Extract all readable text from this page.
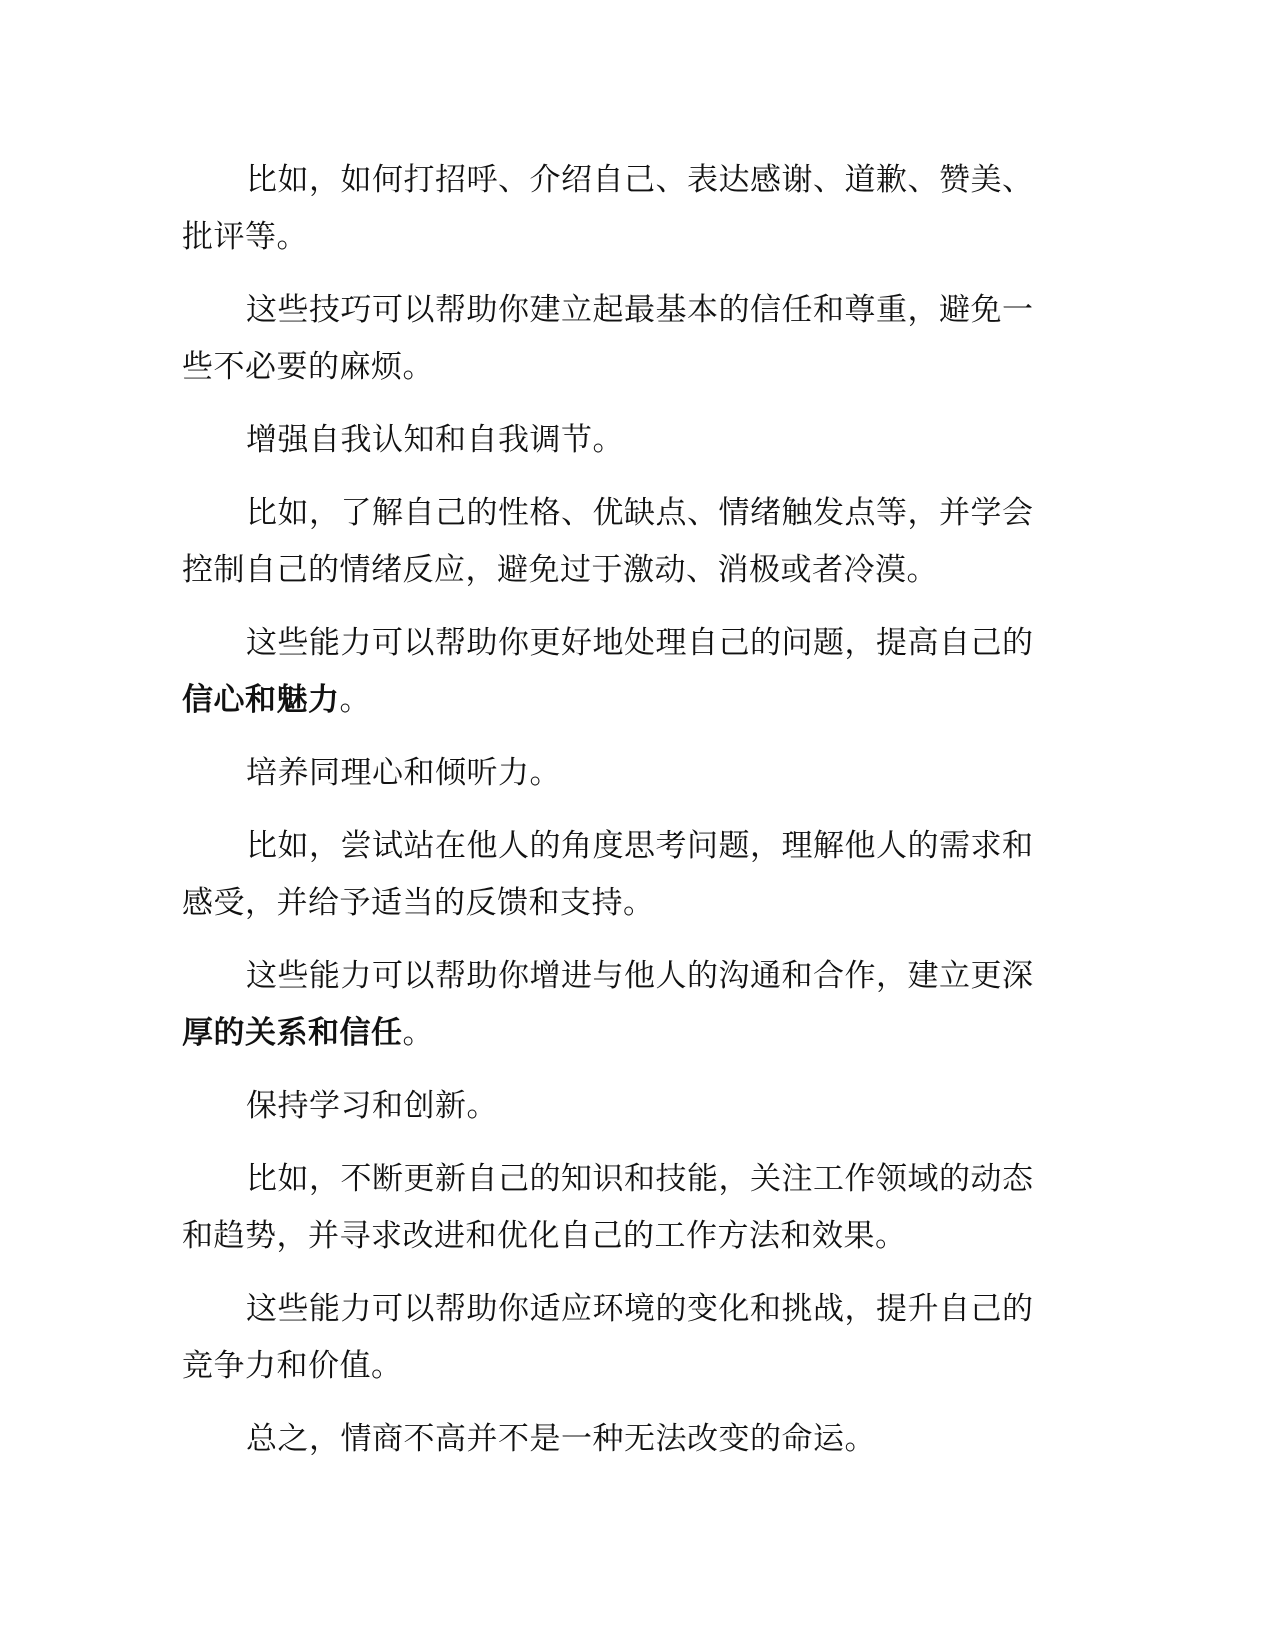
比如，如何打招呼、介绍自己、表达感谢、道歉、赞美、
批评等。

这些技巧可以帮助你建立起最基本的信任和尊重，避免一
些不必要的麻烦。

增强自我认知和自我调节。

比如，了解自己的性格、优缺点、情绪触发点等，并学会
控制自己的情绪反应，避免过于激动、消极或者冷漠。

这些能力可以帮助你更好地处理自己的问题，提高自己的
信心和魅力。

培养同理心和倾听力。

比如，尝试站在他人的角度思考问题，理解他人的需求和
感受，并给予适当的反馈和支持。

这些能力可以帮助你增进与他人的沟通和合作，建立更深
厚的关系和信任。

保持学习和创新。

比如，不断更新自己的知识和技能，关注工作领域的动态
和趋势，并寻求改进和优化自己的工作方法和效果。

这些能力可以帮助你适应环境的变化和挑战，提升自己的
竞争力和价值。

总之，情商不高并不是一种无法改变的命运。
